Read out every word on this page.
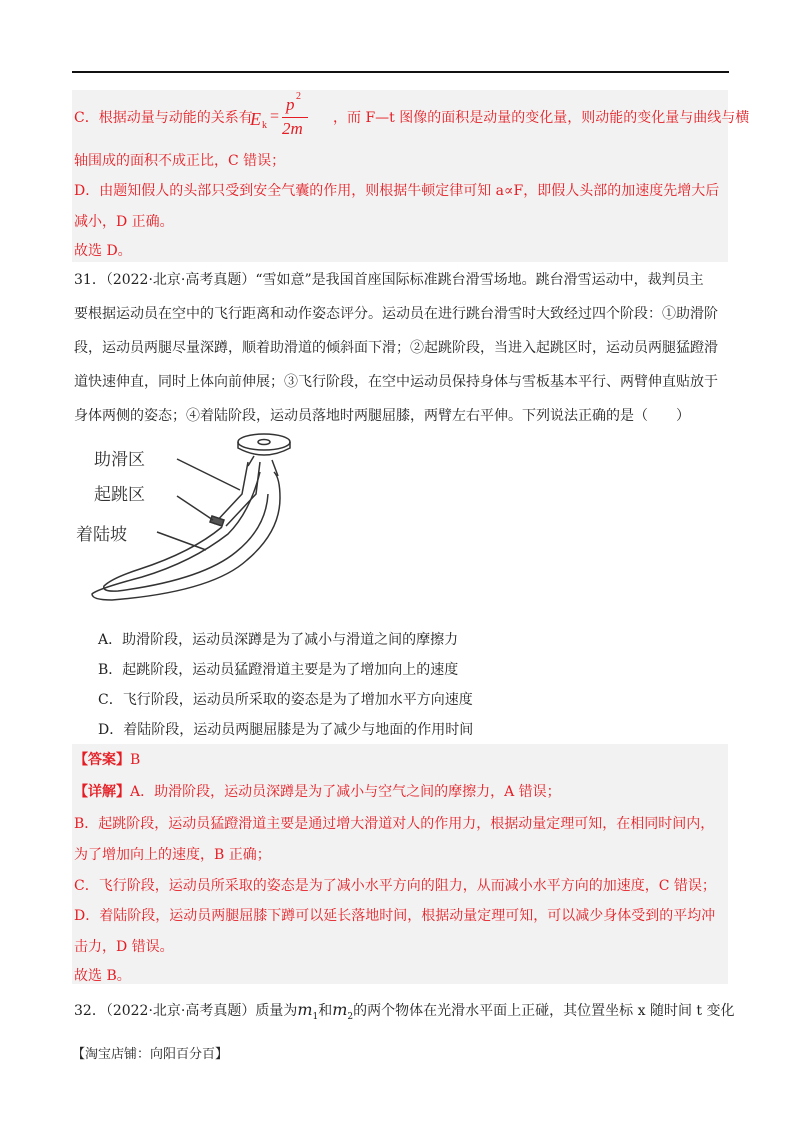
C．根据动量与动能的关系有
E k
=
p 2
2m
，而 F—t 图像的面积是动量的变化量，则动能的变化量与曲线与横
轴围成的面积不成正比，C 错误；
D．由题知假人的头部只受到安全气囊的作用，则根据牛顿定律可知 a∝F，即假人头部的加速度先增大后
减小，D 正确。
故选 D。
31．（2022·北京·高考真题）“雪如意”是我国首座国际标准跳台滑雪场地。跳台滑雪运动中，裁判员主
要根据运动员在空中的飞行距离和动作姿态评分。运动员在进行跳台滑雪时大致经过四个阶段：①助滑阶
段，运动员两腿尽量深蹲，顺着助滑道的倾斜面下滑；②起跳阶段，当进入起跳区时，运动员两腿猛蹬滑
道快速伸直，同时上体向前伸展；③飞行阶段，在空中运动员保持身体与雪板基本平行、两臂伸直贴放于
身体两侧的姿态；④着陆阶段，运动员落地时两腿屈膝，两臂左右平伸。下列说法正确的是（　　）
助滑区
起跳区
着陆坡
A．助滑阶段，运动员深蹲是为了减小与滑道之间的摩擦力
B．起跳阶段，运动员猛蹬滑道主要是为了增加向上的速度
C．飞行阶段，运动员所采取的姿态是为了增加水平方向速度
D．着陆阶段，运动员两腿屈膝是为了减少与地面的作用时间
【答案】B
【详解】A．助滑阶段，运动员深蹲是为了减小与空气之间的摩擦力，A 错误；
B．起跳阶段，运动员猛蹬滑道主要是通过增大滑道对人的作用力，根据动量定理可知，在相同时间内，
为了增加向上的速度，B 正确；
C．飞行阶段，运动员所采取的姿态是为了减小水平方向的阻力，从而减小水平方向的加速度，C 错误；
D．着陆阶段，运动员两腿屈膝下蹲可以延长落地时间，根据动量定理可知，可以减少身体受到的平均冲
击力，D 错误。
故选 B。
32．（2022·北京·高考真题）质量为$m_1$和$m_2$的两个物体在光滑水平面上正碰，其位置坐标 x 随时间 t 变化
【淘宝店铺：向阳百分百】
